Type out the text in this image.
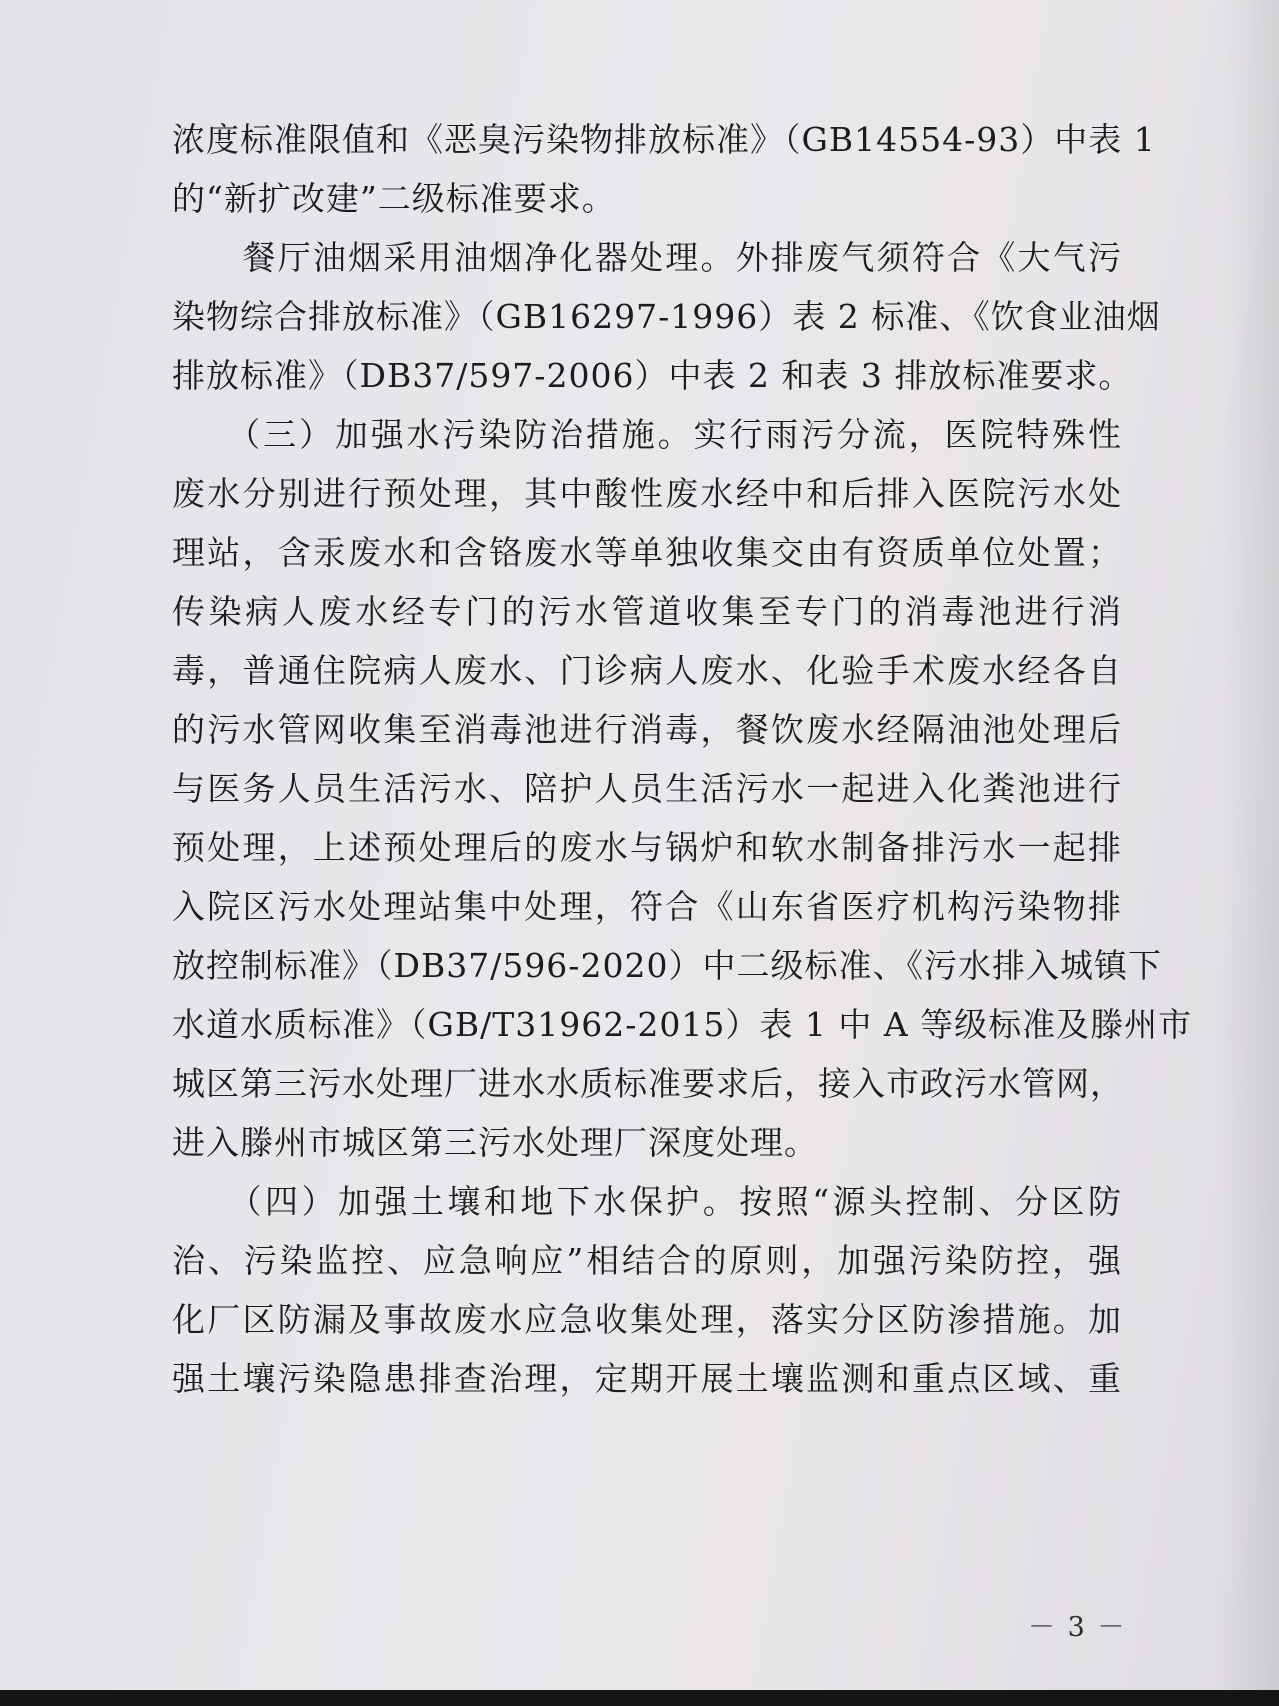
浓度标准限值和《恶臭污染物排放标准》（GB14554-93）中表 1
的“新扩改建”二级标准要求。
　　餐厅油烟采用油烟净化器处理。外排废气须符合《大气污
染物综合排放标准》（GB16297-1996）表 2 标准、《饮食业油烟
排放标准》（DB37/597-2006）中表 2 和表 3 排放标准要求。
　　（三）加强水污染防治措施。实行雨污分流，医院特殊性
废水分别进行预处理，其中酸性废水经中和后排入医院污水处
理站，含汞废水和含铬废水等单独收集交由有资质单位处置；
传染病人废水经专门的污水管道收集至专门的消毒池进行消
毒，普通住院病人废水、门诊病人废水、化验手术废水经各自
的污水管网收集至消毒池进行消毒，餐饮废水经隔油池处理后
与医务人员生活污水、陪护人员生活污水一起进入化粪池进行
预处理，上述预处理后的废水与锅炉和软水制备排污水一起排
入院区污水处理站集中处理，符合《山东省医疗机构污染物排
放控制标准》（DB37/596-2020）中二级标准、《污水排入城镇下
水道水质标准》（GB/T31962-2015）表 1 中 A 等级标准及滕州市
城区第三污水处理厂进水水质标准要求后，接入市政污水管网，
进入滕州市城区第三污水处理厂深度处理。
　　（四）加强土壤和地下水保护。按照“源头控制、分区防
治、污染监控、应急响应”相结合的原则，加强污染防控，强
化厂区防漏及事故废水应急收集处理，落实分区防渗措施。加
强土壤污染隐患排查治理，定期开展土壤监测和重点区域、重
－ 3 －
